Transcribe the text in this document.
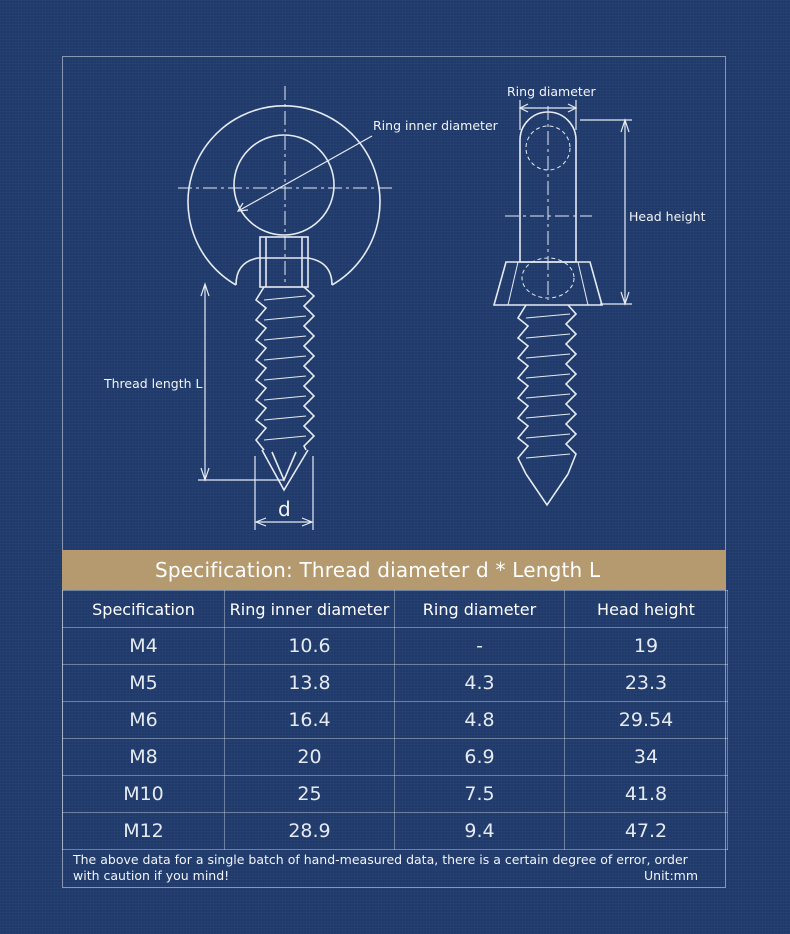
Ring inner diameter
Ring diameter
Head height
Thread length L
d
Specification: Thread diameter d * Length L
Specification	Ring inner diameter	Ring diameter	Head height
M4	10.6	-	19
M5	13.8	4.3	23.3
M6	16.4	4.8	29.54
M8	20	6.9	34
M10	25	7.5	41.8
M12	28.9	9.4	47.2
The above data for a single batch of hand-measured data, there is a certain degree of error, order with caution if you mind!	Unit:mm
